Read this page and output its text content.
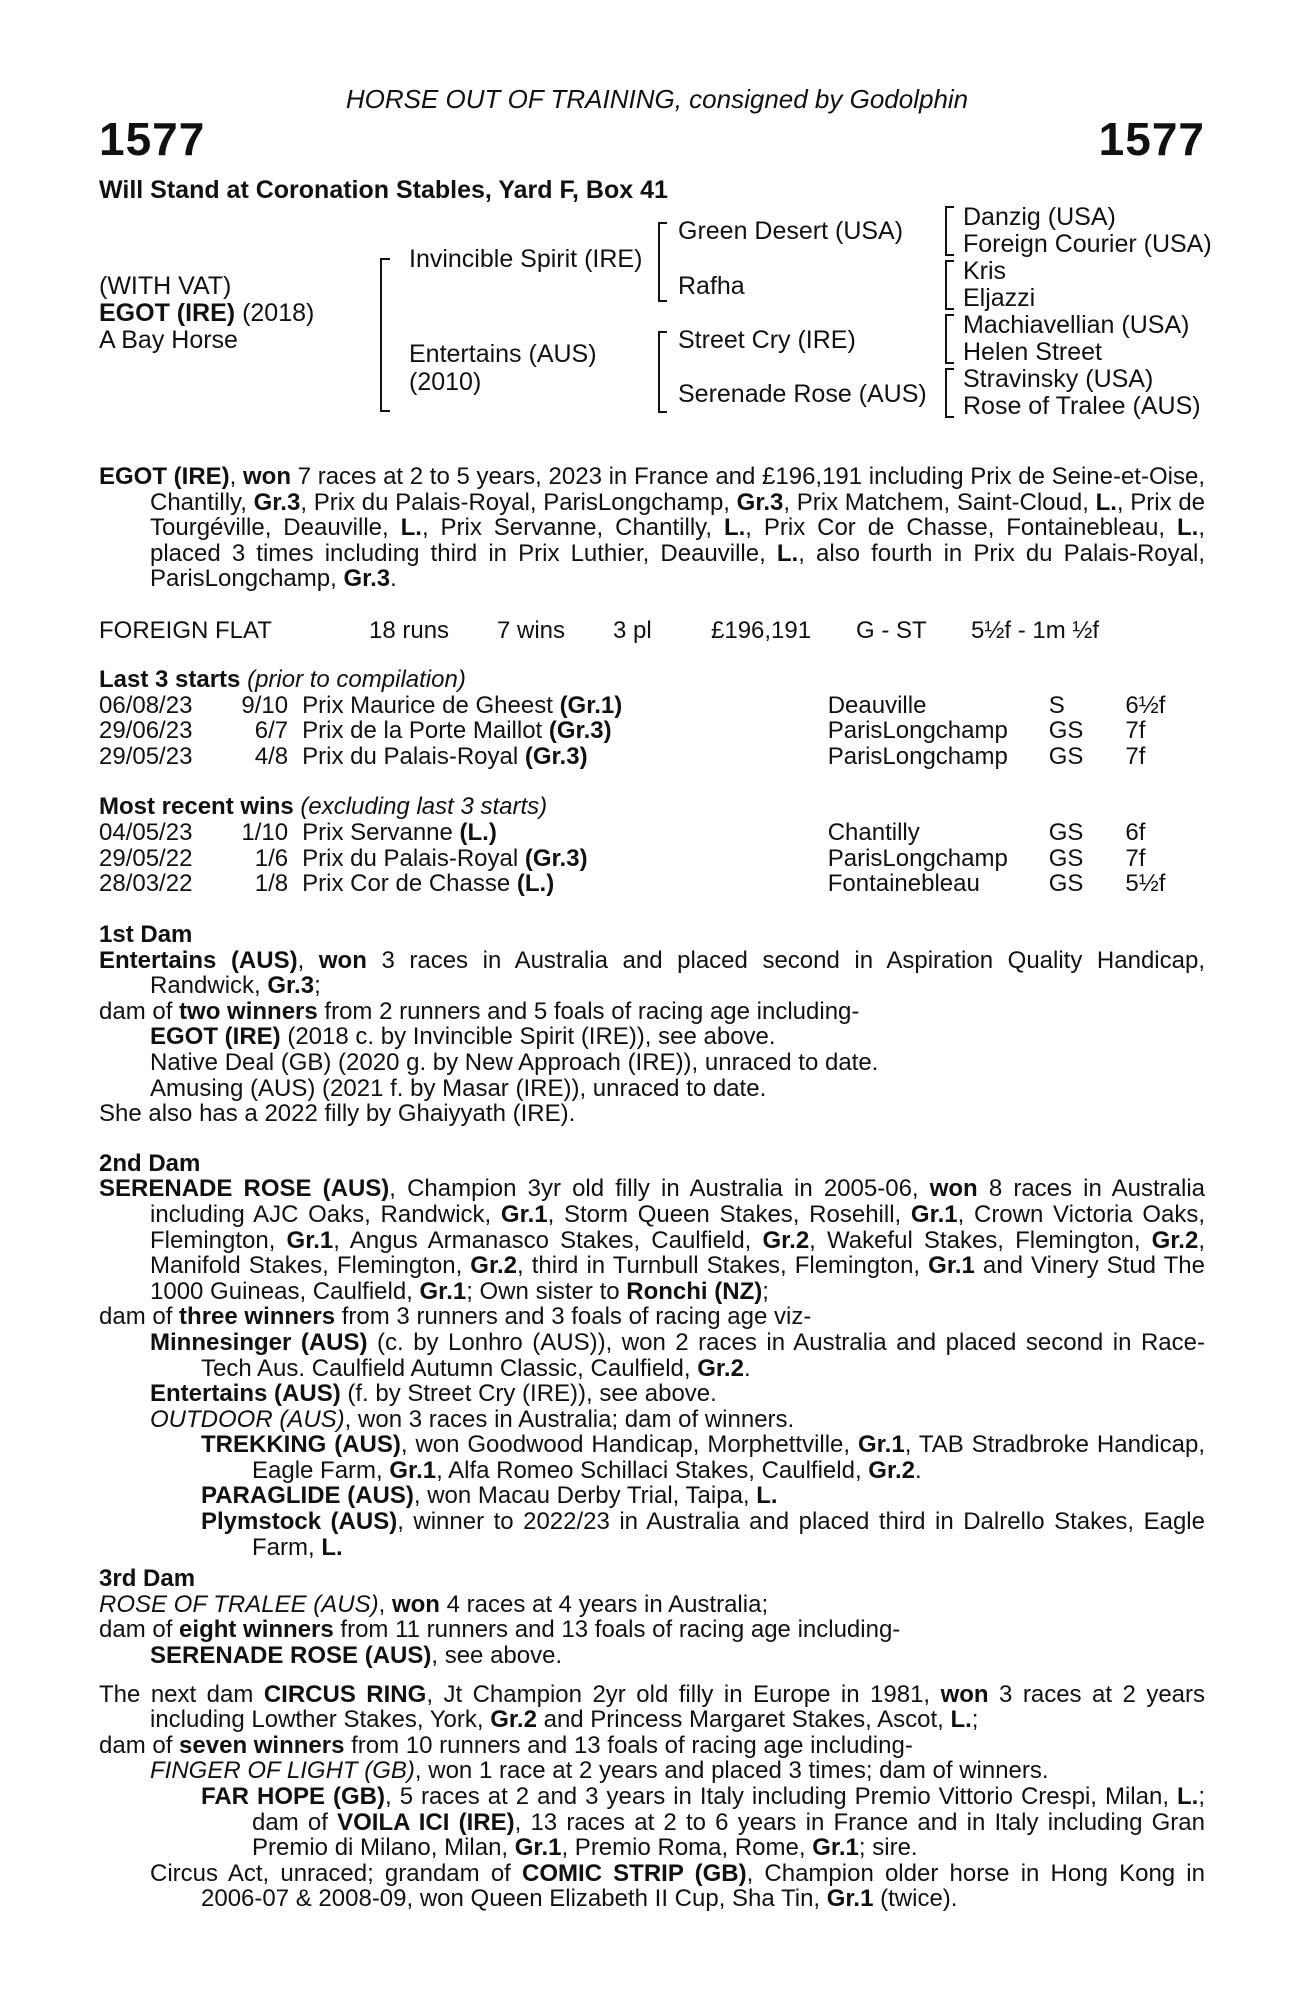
HORSE OUT OF TRAINING, consigned by Godolphin
1577	1577
Will Stand at Coronation Stables, Yard F, Box 41
(WITH VAT)
EGOT (IRE) (2018)
A Bay Horse
Invincible Spirit (IRE)
Entertains (AUS)
(2010)
Green Desert (USA)
Rafha
Street Cry (IRE)
Serenade Rose (AUS)
Danzig (USA)
Foreign Courier (USA)
Kris
Eljazzi
Machiavellian (USA)
Helen Street
Stravinsky (USA)
Rose of Tralee (AUS)

EGOT (IRE), won 7 races at 2 to 5 years, 2023 in France and £196,191 including Prix de Seine-et-Oise, Chantilly, Gr.3, Prix du Palais-Royal, ParisLongchamp, Gr.3, Prix Matchem, Saint-Cloud, L., Prix de Tourgéville, Deauville, L., Prix Servanne, Chantilly, L., Prix Cor de Chasse, Fontainebleau, L., placed 3 times including third in Prix Luthier, Deauville, L., also fourth in Prix du Palais-Royal, ParisLongchamp, Gr.3.

FOREIGN FLAT	18 runs 7 wins 3 pl £196,191 G - ST 5½f - 1m ½f

Last 3 starts (prior to compilation)

06/08/23	9/10 Prix Maurice de Gheest (Gr.1)	Deauville	S	6½f
29/06/23	6/7 Prix de la Porte Maillot (Gr.3)	ParisLongchamp	GS	7f
29/05/23	4/8 Prix du Palais-Royal (Gr.3)	ParisLongchamp	GS	7f

Most recent wins (excluding last 3 starts)

04/05/23	1/10 Prix Servanne (L.)	Chantilly	GS	6f
29/05/22	1/6 Prix du Palais-Royal (Gr.3)	ParisLongchamp	GS	7f
28/03/22	1/8 Prix Cor de Chasse (L.)	Fontainebleau	GS	5½f

1st Dam

Entertains (AUS), won 3 races in Australia and placed second in Aspiration Quality Handicap, Randwick, Gr.3;

dam of two winners from 2 runners and 5 foals of racing age including-

EGOT (IRE) (2018 c. by Invincible Spirit (IRE)), see above.

Native Deal (GB) (2020 g. by New Approach (IRE)), unraced to date.

Amusing (AUS) (2021 f. by Masar (IRE)), unraced to date.

She also has a 2022 filly by Ghaiyyath (IRE).

2nd Dam

SERENADE ROSE (AUS), Champion 3yr old filly in Australia in 2005-06, won 8 races in Australia including AJC Oaks, Randwick, Gr.1, Storm Queen Stakes, Rosehill, Gr.1, Crown Victoria Oaks, Flemington, Gr.1, Angus Armanasco Stakes, Caulfield, Gr.2, Wakeful Stakes, Flemington, Gr.2, Manifold Stakes, Flemington, Gr.2, third in Turnbull Stakes, Flemington, Gr.1 and Vinery Stud The 1000 Guineas, Caulfield, Gr.1; Own sister to Ronchi (NZ);

dam of three winners from 3 runners and 3 foals of racing age viz-

Minnesinger (AUS) (c. by Lonhro (AUS)), won 2 races in Australia and placed second in Race-Tech Aus. Caulfield Autumn Classic, Caulfield, Gr.2.

Entertains (AUS) (f. by Street Cry (IRE)), see above.

OUTDOOR (AUS), won 3 races in Australia; dam of winners.

TREKKING (AUS), won Goodwood Handicap, Morphettville, Gr.1, TAB Stradbroke Handicap, Eagle Farm, Gr.1, Alfa Romeo Schillaci Stakes, Caulfield, Gr.2.

PARAGLIDE (AUS), won Macau Derby Trial, Taipa, L.

Plymstock (AUS), winner to 2022/23 in Australia and placed third in Dalrello Stakes, Eagle Farm, L.

3rd Dam

ROSE OF TRALEE (AUS), won 4 races at 4 years in Australia;

dam of eight winners from 11 runners and 13 foals of racing age including-

SERENADE ROSE (AUS), see above.

The next dam CIRCUS RING, Jt Champion 2yr old filly in Europe in 1981, won 3 races at 2 years including Lowther Stakes, York, Gr.2 and Princess Margaret Stakes, Ascot, L.;

dam of seven winners from 10 runners and 13 foals of racing age including-

FINGER OF LIGHT (GB), won 1 race at 2 years and placed 3 times; dam of winners.

FAR HOPE (GB), 5 races at 2 and 3 years in Italy including Premio Vittorio Crespi, Milan, L.; dam of VOILA ICI (IRE), 13 races at 2 to 6 years in France and in Italy including Gran Premio di Milano, Milan, Gr.1, Premio Roma, Rome, Gr.1; sire.

Circus Act, unraced; grandam of COMIC STRIP (GB), Champion older horse in Hong Kong in 2006-07 & 2008-09, won Queen Elizabeth II Cup, Sha Tin, Gr.1 (twice).
